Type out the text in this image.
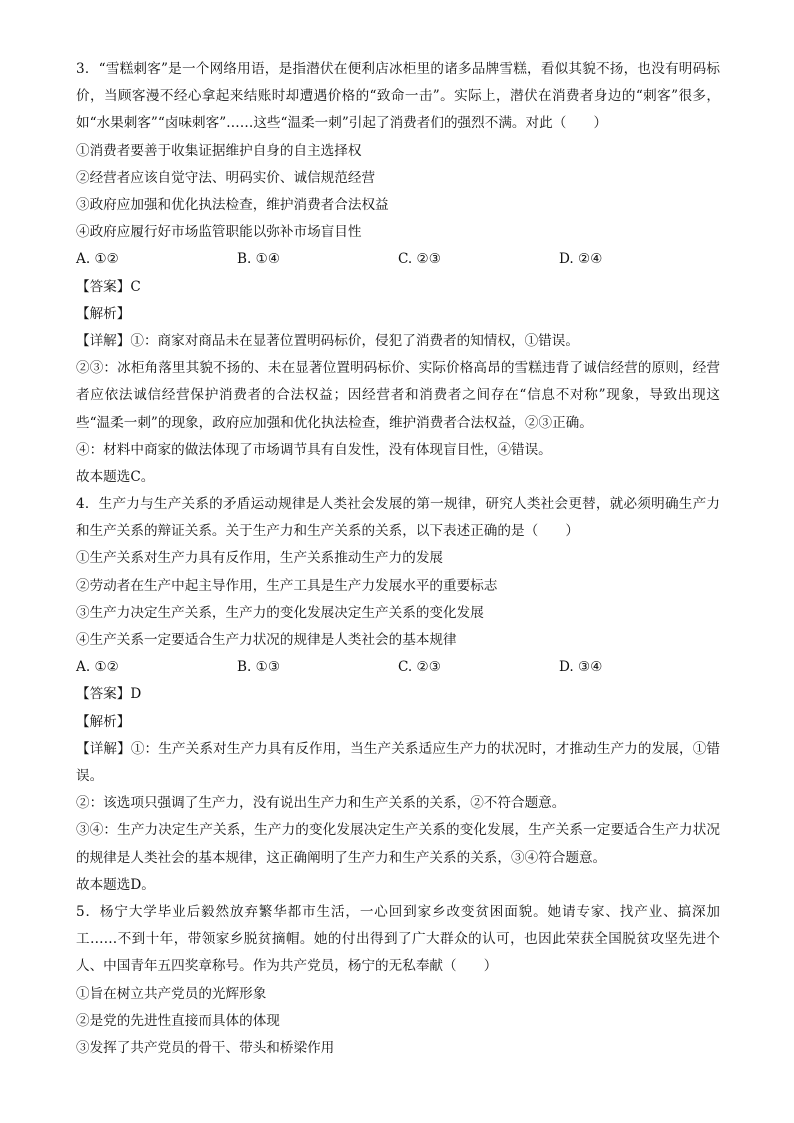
3．“雪糕刺客”是一个网络用语，是指潜伏在便利店冰柜里的诸多品牌雪糕，看似其貌不扬，也没有明码标价，当顾客漫不经心拿起来结账时却遭遇价格的“致命一击”。实际上，潜伏在消费者身边的“刺客”很多，如“水果刺客”“卤味刺客”……这些“温柔一刺”引起了消费者们的强烈不满。对此（　　）
①消费者要善于收集证据维护自身的自主选择权
②经营者应该自觉守法、明码实价、诚信规范经营
③政府应加强和优化执法检查，维护消费者合法权益
④政府应履行好市场监管职能以弥补市场盲目性
A. ①②	B. ①④	C. ②③	D. ②④
【答案】C
【解析】
【详解】①：商家对商品未在显著位置明码标价，侵犯了消费者的知情权，①错误。
②③：冰柜角落里其貌不扬的、未在显著位置明码标价、实际价格高昂的雪糕违背了诚信经营的原则，经营者应依法诚信经营保护消费者的合法权益；因经营者和消费者之间存在“信息不对称”现象，导致出现这些“温柔一刺”的现象，政府应加强和优化执法检查，维护消费者合法权益，②③正确。
④：材料中商家的做法体现了市场调节具有自发性，没有体现盲目性，④错误。
故本题选C。
4．生产力与生产关系的矛盾运动规律是人类社会发展的第一规律，研究人类社会更替，就必须明确生产力和生产关系的辩证关系。关于生产力和生产关系的关系，以下表述正确的是（　　）
①生产关系对生产力具有反作用，生产关系推动生产力的发展
②劳动者在生产中起主导作用，生产工具是生产力发展水平的重要标志
③生产力决定生产关系，生产力的变化发展决定生产关系的变化发展
④生产关系一定要适合生产力状况的规律是人类社会的基本规律
A. ①②	B. ①③	C. ②③	D. ③④
【答案】D
【解析】
【详解】①：生产关系对生产力具有反作用，当生产关系适应生产力的状况时，才推动生产力的发展，①错误。
②：该选项只强调了生产力，没有说出生产力和生产关系的关系，②不符合题意。
③④：生产力决定生产关系，生产力的变化发展决定生产关系的变化发展，生产关系一定要适合生产力状况的规律是人类社会的基本规律，这正确阐明了生产力和生产关系的关系，③④符合题意。
故本题选D。
5．杨宁大学毕业后毅然放弃繁华都市生活，一心回到家乡改变贫困面貌。她请专家、找产业、搞深加工……不到十年，带领家乡脱贫摘帽。她的付出得到了广大群众的认可，也因此荣获全国脱贫攻坚先进个人、中国青年五四奖章称号。作为共产党员，杨宁的无私奉献（　　）
①旨在树立共产党员的光辉形象
②是党的先进性直接而具体的体现
③发挥了共产党员的骨干、带头和桥梁作用
